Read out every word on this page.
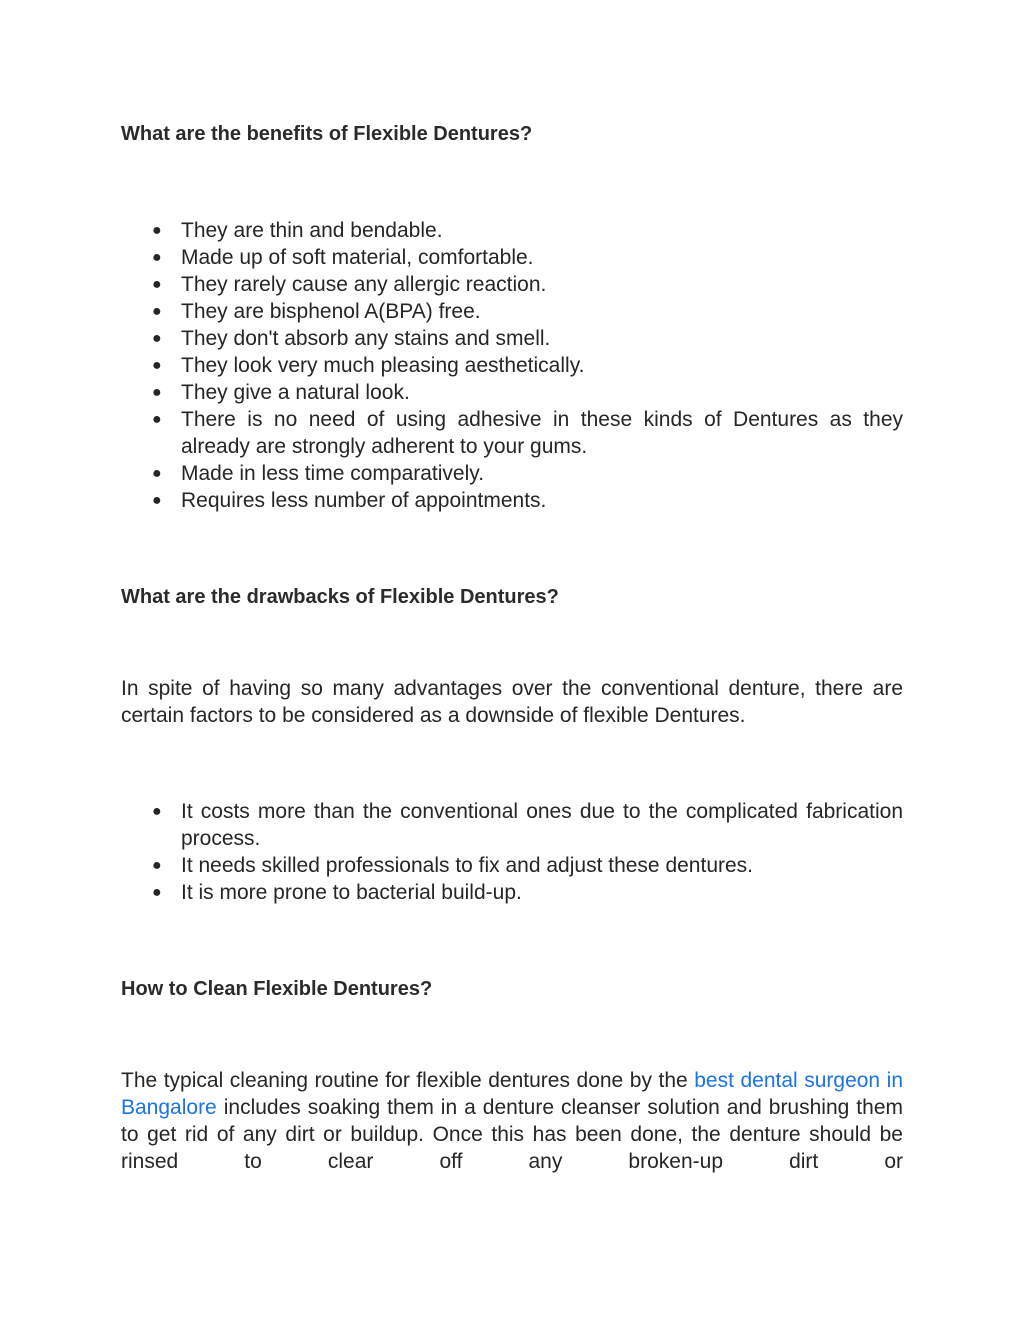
What are the benefits of Flexible Dentures?
● They are thin and bendable.
● Made up of soft material, comfortable.
● They rarely cause any allergic reaction.
● They are bisphenol A(BPA) free.
● They don't absorb any stains and smell.
● They look very much pleasing aesthetically.
● They give a natural look.
● There is no need of using adhesive in these kinds of Dentures as they already are strongly adherent to your gums.
● Made in less time comparatively.
● Requires less number of appointments.
What are the drawbacks of Flexible Dentures?

In spite of having so many advantages over the conventional denture, there are certain factors to be considered as a downside of flexible Dentures.

● It costs more than the conventional ones due to the complicated fabrication process.
● It needs skilled professionals to fix and adjust these dentures.
● It is more prone to bacterial build-up.
How to Clean Flexible Dentures?

The typical cleaning routine for flexible dentures done by the best dental surgeon in Bangalore includes soaking them in a denture cleanser solution and brushing them to get rid of any dirt or buildup. Once this has been done, the denture should be rinsed to clear off any broken-up dirt or
